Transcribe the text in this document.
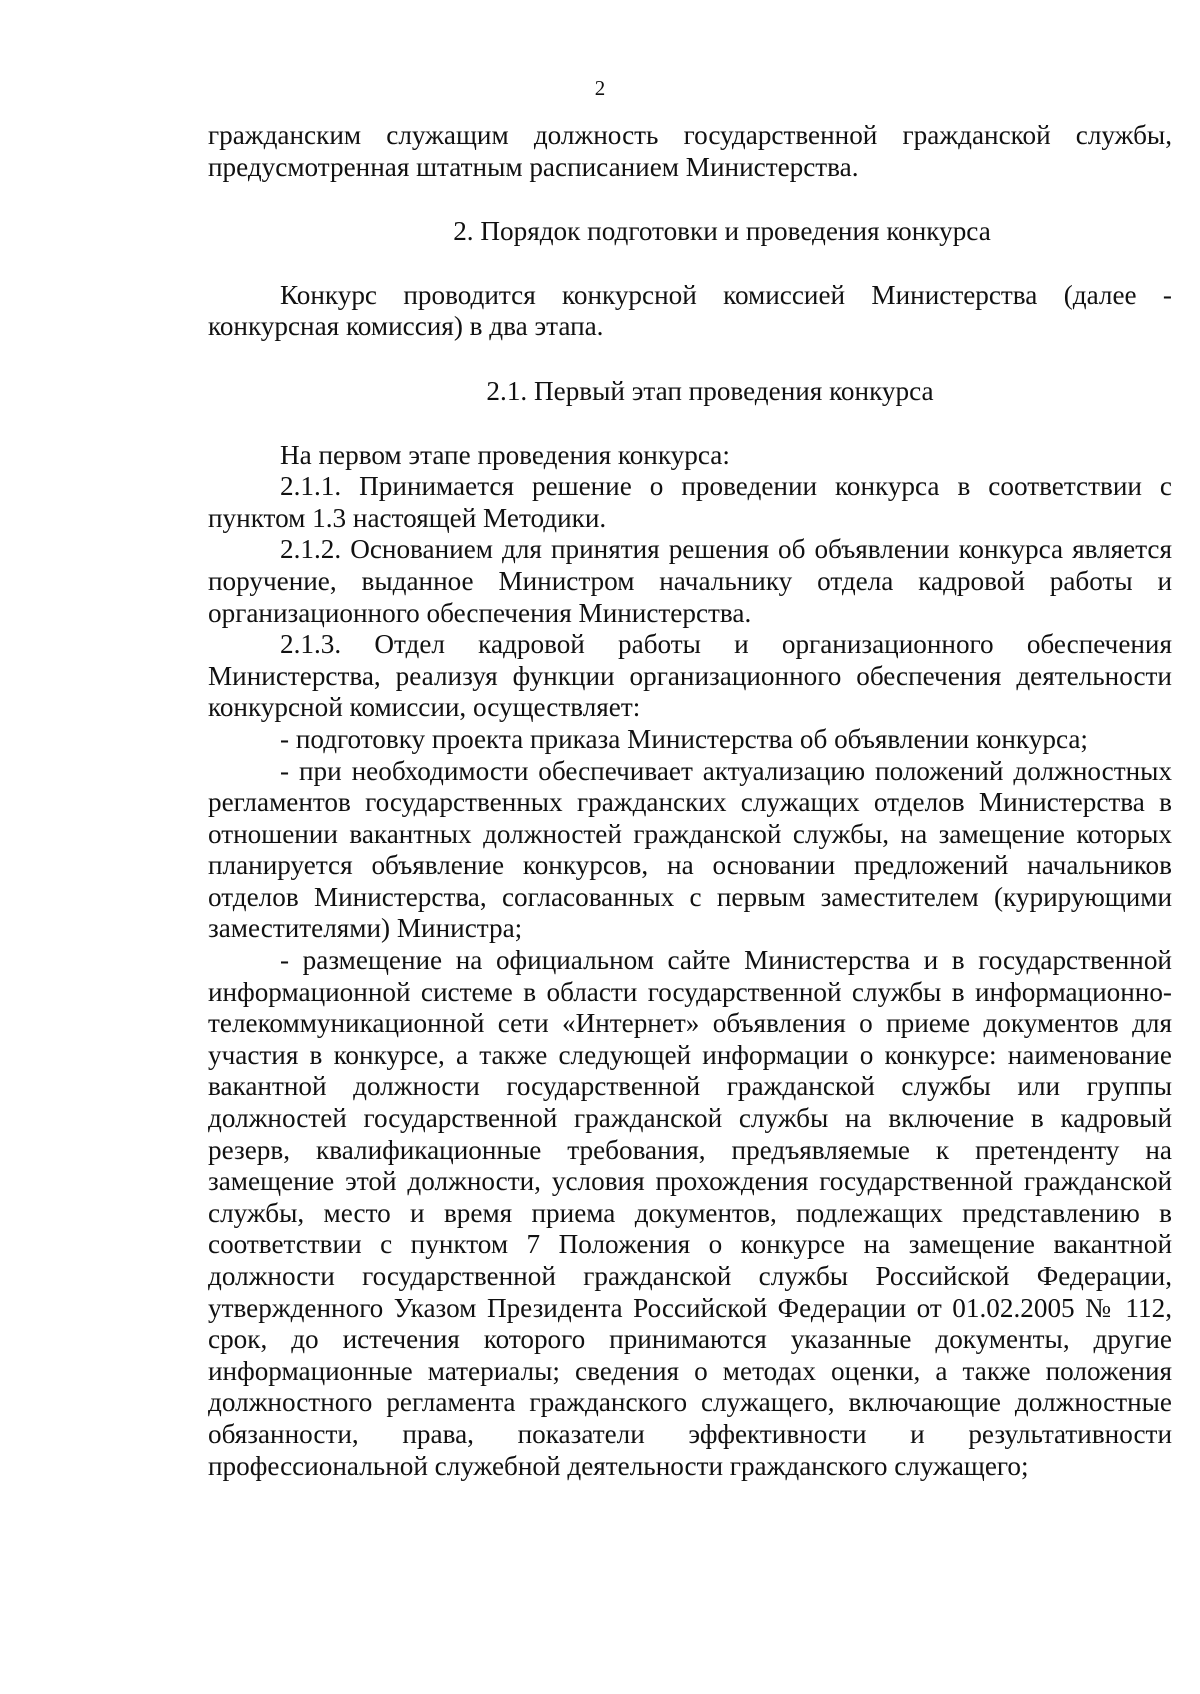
2

гражданским служащим должность государственной гражданской службы, предусмотренная штатным расписанием Министерства.

2. Порядок подготовки и проведения конкурса

Конкурс проводится конкурсной комиссией Министерства (далее - конкурсная комиссия) в два этапа.

2.1. Первый этап проведения конкурса

На первом этапе проведения конкурса:

2.1.1. Принимается решение о проведении конкурса в соответствии с пунктом 1.3 настоящей Методики.

2.1.2. Основанием для принятия решения об объявлении конкурса является поручение, выданное Министром начальнику отдела кадровой работы и организационного обеспечения Министерства.

2.1.3. Отдел кадровой работы и организационного обеспечения Министерства, реализуя функции организационного обеспечения деятельности конкурсной комиссии, осуществляет:

- подготовку проекта приказа Министерства об объявлении конкурса;

- при необходимости обеспечивает актуализацию положений должностных регламентов государственных гражданских служащих отделов Министерства в отношении вакантных должностей гражданской службы, на замещение которых планируется объявление конкурсов, на основании предложений начальников отделов Министерства, согласованных с первым заместителем (курирующими заместителями) Министра;

- размещение на официальном сайте Министерства и в государственной информационной системе в области государственной службы в информационно-телекоммуникационной сети «Интернет» объявления о приеме документов для участия в конкурсе, а также следующей информации о конкурсе: наименование вакантной должности государственной гражданской службы или группы должностей государственной гражданской службы на включение в кадровый резерв, квалификационные требования, предъявляемые к претенденту на замещение этой должности, условия прохождения государственной гражданской службы, место и время приема документов, подлежащих представлению в соответствии с пунктом 7 Положения о конкурсе на замещение вакантной должности государственной гражданской службы Российской Федерации, утвержденного Указом Президента Российской Федерации от 01.02.2005 № 112, срок, до истечения которого принимаются указанные документы, другие информационные материалы; сведения о методах оценки, а также положения должностного регламента гражданского служащего, включающие должностные обязанности, права, показатели эффективности и результативности профессиональной служебной деятельности гражданского служащего;
